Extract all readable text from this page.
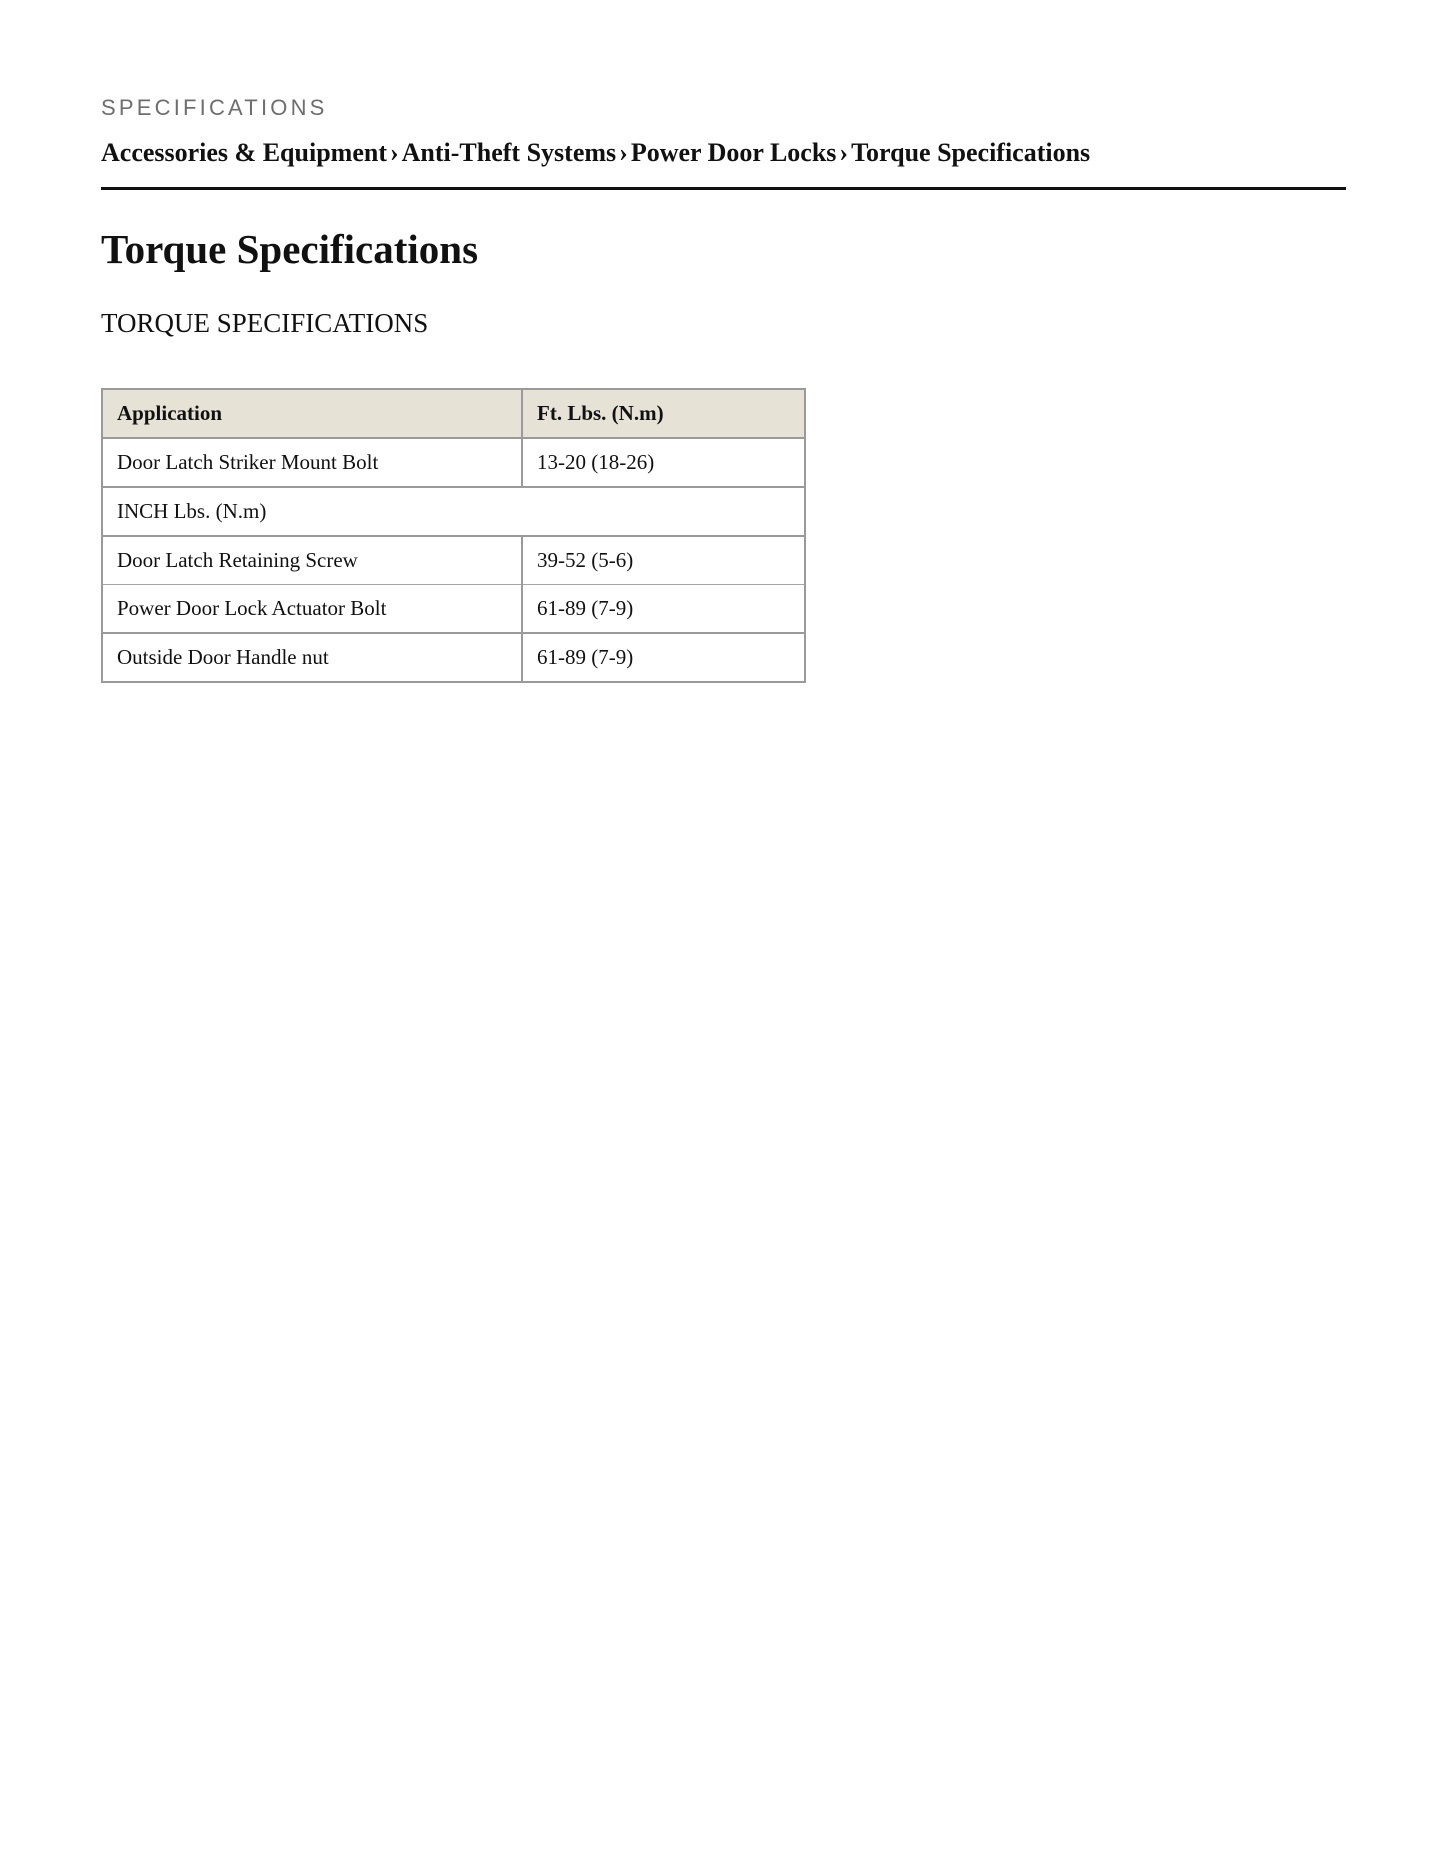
SPECIFICATIONS
Accessories & Equipment › Anti-Theft Systems › Power Door Locks › Torque Specifications
Torque Specifications
TORQUE SPECIFICATIONS
Application	Ft. Lbs. (N.m)
Door Latch Striker Mount Bolt	13-20 (18-26)
INCH Lbs. (N.m)	
Door Latch Retaining Screw	39-52 (5-6)
Power Door Lock Actuator Bolt	61-89 (7-9)
Outside Door Handle nut	61-89 (7-9)
